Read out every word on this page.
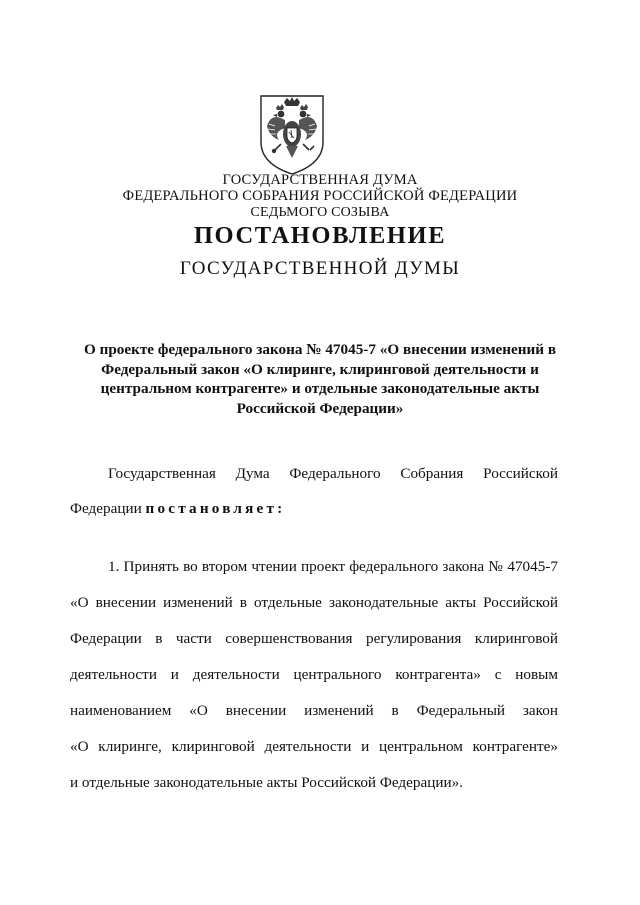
ГОСУДАРСТВЕННАЯ ДУМА
ФЕДЕРАЛЬНОГО СОБРАНИЯ РОССИЙСКОЙ ФЕДЕРАЦИИ
СЕДЬМОГО СОЗЫВА
ПОСТАНОВЛЕНИЕ
ГОСУДАРСТВЕННОЙ ДУМЫ
О проекте федерального закона № 47045-7 «О внесении изменений в
Федеральный закон «О клиринге, клиринговой деятельности и
центральном контрагенте» и отдельные законодательные акты
Российской Федерации»
Государственная Дума Федерального Собрания Российской
Федерации постановляет:
1. Принять во втором чтении проект федерального закона № 47045-7
«О внесении изменений в отдельные законодательные акты Российской
Федерации в части совершенствования регулирования клиринговой
деятельности и деятельности центрального контрагента» с новым
наименованием «О внесении изменений в Федеральный закон
«О клиринге, клиринговой деятельности и центральном контрагенте»
и отдельные законодательные акты Российской Федерации».
